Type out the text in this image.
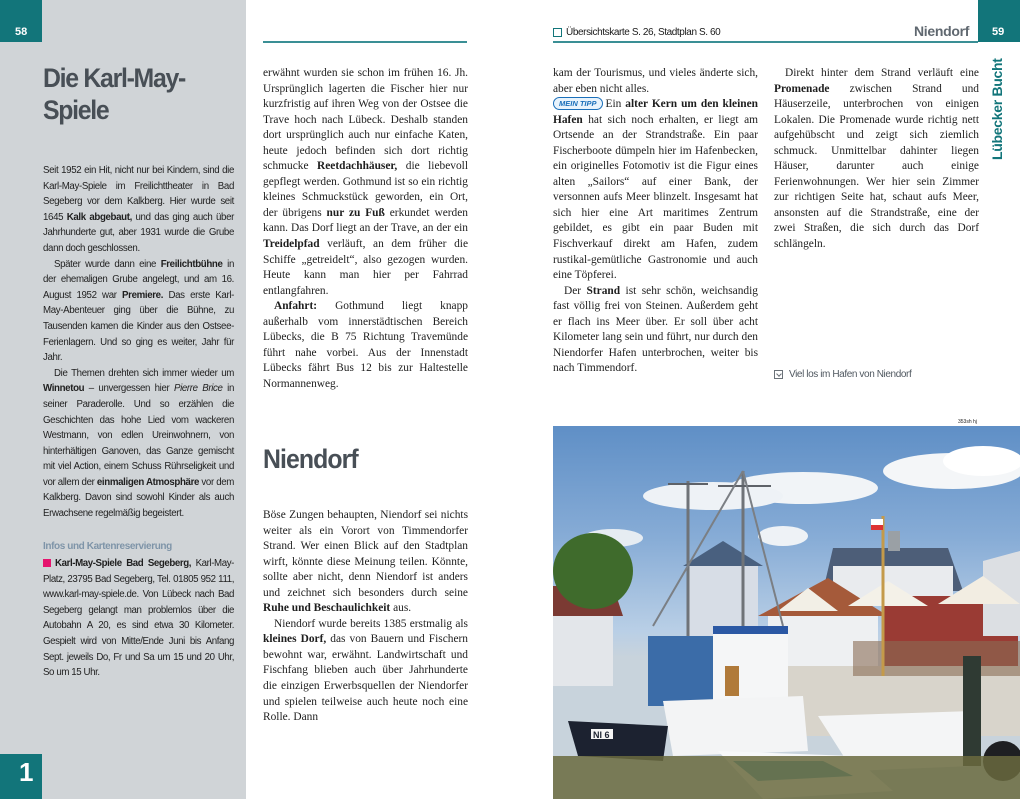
58
Die Karl-May-Spiele

Seit 1952 ein Hit, nicht nur bei Kindern, sind die Karl-May-Spiele im Freilichttheater in Bad Segeberg vor dem Kalkberg. Hier wurde seit 1645 Kalk abgebaut, und das ging auch über Jahrhunderte gut, aber 1931 wurde die Grube dann doch geschlossen.

Später wurde dann eine Freilichtbühne in der ehemaligen Grube angelegt, und am 16. August 1952 war Premiere. Das erste Karl-May-Abenteuer ging über die Bühne, zu Tausenden kamen die Kinder aus den Ostsee-Ferienlagern. Und so ging es weiter, Jahr für Jahr.

Die Themen drehten sich immer wieder um Winnetou – unvergessen hier Pierre Brice in seiner Paraderolle. Und so erzählen die Geschichten das hohe Lied vom wackeren Westmann, von edlen Ureinwohnern, von hinterhältigen Ganoven, das Ganze gemischt mit viel Action, einem Schuss Rührseligkeit und vor allem der einmaligen Atmosphäre vor dem Kalkberg. Davon sind sowohl Kinder als auch Erwachsene regelmäßig begeistert.

Infos und Kartenreservierung
Karl-May-Spiele Bad Segeberg, Karl-May-Platz, 23795 Bad Segeberg, Tel. 01805 952 111, www.karl-may-spiele.de. Von Lübeck nach Bad Segeberg gelangt man problemlos über die Autobahn A 20, es sind etwa 30 Kilometer. Gespielt wird von Mitte/Ende Juni bis Anfang Sept. jeweils Do, Fr und Sa um 15 und 20 Uhr, So um 15 Uhr.
1

erwähnt wurden sie schon im frühen 16. Jh. Ursprünglich lagerten die Fischer hier nur kurzfristig auf ihren Weg von der Ostsee die Trave hoch nach Lübeck. Deshalb standen dort ursprünglich auch nur einfache Katen, heute jedoch befinden sich dort richtig schmucke Reetdachhäuser, die liebevoll gepflegt werden. Gothmund ist so ein richtig kleines Schmuckstück geworden, ein Ort, der übrigens nur zu Fuß erkundet werden kann. Das Dorf liegt an der Trave, an der ein Treidelpfad verläuft, an dem früher die Schiffe „getreidelt“, also gezogen wurden. Heute kann man hier per Fahrrad entlangfahren.

Anfahrt: Gothmund liegt knapp außerhalb vom innerstädtischen Bereich Lübecks, die B 75 Richtung Travemünde führt nahe vorbei. Aus der Innenstadt Lübecks fährt Bus 12 bis zur Haltestelle Normannenweg.

Niendorf

Böse Zungen behaupten, Niendorf sei nichts weiter als ein Vorort von Timmendorfer Strand. Wer einen Blick auf den Stadtplan wirft, könnte diese Meinung teilen. Könnte, sollte aber nicht, denn Niendorf ist anders und zeichnet sich besonders durch seine Ruhe und Beschaulichkeit aus.

Niendorf wurde bereits 1385 erstmalig als kleines Dorf, das von Bauern und Fischern bewohnt war, erwähnt. Landwirtschaft und Fischfang blieben auch über Jahrhunderte die einzigen Erwerbsquellen der Niendorfer und spielen teilweise auch heute noch eine Rolle. Dann

Übersichtskarte S. 26, Stadtplan S. 60	Niendorf	59
Lübecker Bucht

kam der Tourismus, und vieles änderte sich, aber eben nicht alles.

MEIN TIPP Ein alter Kern um den kleinen Hafen hat sich noch erhalten, er liegt am Ortsende an der Strandstraße. Ein paar Fischerboote dümpeln hier im Hafenbecken, ein originelles Fotomotiv ist die Figur eines alten „Sailors“ auf einer Bank, der versonnen aufs Meer blinzelt. Insgesamt hat sich hier eine Art maritimes Zentrum gebildet, es gibt ein paar Buden mit Fischverkauf direkt am Hafen, zudem rustikal-gemütliche Gastronomie und auch eine Töpferei.

Der Strand ist sehr schön, weichsandig fast völlig frei von Steinen. Außerdem geht er flach ins Meer über. Er soll über acht Kilometer lang sein und führt, nur durch den Niendorfer Hafen unterbrochen, weiter bis nach Timmendorf.

Direkt hinter dem Strand verläuft eine Promenade zwischen Strand und Häuserzeile, unterbrochen von einigen Lokalen. Die Promenade wurde richtig nett aufgehübscht und zeigt sich ziemlich schmuck. Unmittelbar dahinter liegen Häuser, darunter auch einige Ferienwohnungen. Wer hier sein Zimmer zur richtigen Seite hat, schaut aufs Meer, ansonsten auf die Strandstraße, eine der zwei Straßen, die sich durch das Dorf schlängeln.

Viel los im Hafen von Niendorf
353sh hj
NI 6
